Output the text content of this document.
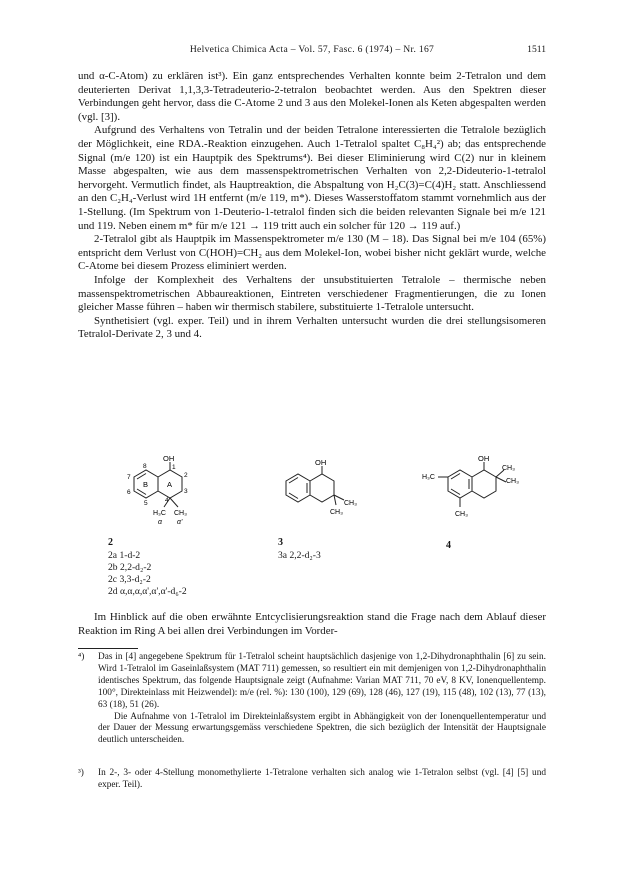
Helvetica Chimica Acta – Vol. 57, Fasc. 6 (1974) – Nr. 167	1511

und α-C-Atom) zu erklären ist³). Ein ganz entsprechendes Verhalten konnte beim 2-Tetralon und dem deuterierten Derivat 1,1,3,3-Tetradeuterio-2-tetralon beobachtet werden. Aus den Spektren dieser Verbindungen geht hervor, dass die C-Atome 2 und 3 aus den Molekel-Ionen als Keten abgespalten werden (vgl. [3]).

Aufgrund des Verhaltens von Tetralin und der beiden Tetralone interessierten die Tetralole bezüglich der Möglichkeit, eine RDA.-Reaktion einzugehen. Auch 1-Tetralol spaltet C₈H₄²) ab; das entsprechende Signal (m/e 120) ist ein Hauptpik des Spektrums⁴). Bei dieser Eliminierung wird C(2) nur in kleinem Masse abgespalten, wie aus dem massenspektrometrischen Verhalten von 2,2-Dideuterio-1-tetralol hervorgeht. Vermutlich findet, als Hauptreaktion, die Abspaltung von H₂C(3)=C(4)H₂ statt. Anschliessend an den C₂H₄-Verlust wird 1H entfernt (m/e 119, m*). Dieses Wasserstoffatom stammt vornehmlich aus der 1-Stellung. (Im Spektrum von 1-Deuterio-1-tetralol finden sich die beiden relevanten Signale bei m/e 121 und 119. Neben einem m* für m/e 121 → 119 tritt auch ein solcher für 120 → 119 auf.)

2-Tetralol gibt als Hauptpik im Massenspektrometer m/e 130 (M – 18). Das Signal bei m/e 104 (65%) entspricht dem Verlust von C(HOH)=CH₂ aus dem Molekel-Ion, wobei bisher nicht geklärt wurde, welche C-Atome bei diesem Prozess eliminiert werden.

Infolge der Komplexheit des Verhaltens der unsubstituierten Tetralole – thermische neben massenspektrometrischen Abbaureaktionen, Eintreten verschiedener Fragmentierungen, die zu Ionen gleicher Masse führen – haben wir thermisch stabilere, substituierte 1-Tetralole untersucht.

Synthetisiert (vgl. exper. Teil) und in ihrem Verhalten untersucht wurden die drei stellungsisomeren Tetralol-Derivate 2, 3 und 4.

OH
1
2
3
4
5
6
7
8
B	A
H₃C CH₃
α α'
2
2a 1-d-2
2b 2,2-d₂-2
2c 3,3-d₂-2
2d α,α,α,α',α',α'-d₆-2
OH
CH₃
CH₃
3
3a 2,2-d₂-3
OH
H₃C
CH₃
CH₃
CH₃
4

Im Hinblick auf die oben erwähnte Entcyclisierungsreaktion stand die Frage nach dem Ablauf dieser Reaktion im Ring A bei allen drei Verbindungen im Vorder-

⁴) Das in [4] angegebene Spektrum für 1-Tetralol scheint hauptsächlich dasjenige von 1,2-Dihydronaphthalin [6] zu sein. Wird 1-Tetralol im Gaseinlaßsystem (MAT 711) gemessen, so resultiert ein mit demjenigen von 1,2-Dihydronaphthalin identisches Spektrum, das folgende Hauptsignale zeigt (Aufnahme: Varian MAT 711, 70 eV, 8 KV, Ionenquellentemp. 100°, Direkteinlass mit Heizwendel): m/e (rel. %): 130 (100), 129 (69), 128 (46), 127 (19), 115 (48), 102 (13), 77 (13), 63 (18), 51 (26).
Die Aufnahme von 1-Tetralol im Direkteinlaßsystem ergibt in Abhängigkeit von der Ionenquellentemperatur und der Dauer der Messung erwartungsgemäss verschiedene Spektren, die sich bezüglich der Intensität der Hauptsignale deutlich unterscheiden.
³) In 2-, 3- oder 4-Stellung monomethylierte 1-Tetralone verhalten sich analog wie 1-Tetralon selbst (vgl. [4] [5] und exper. Teil).
